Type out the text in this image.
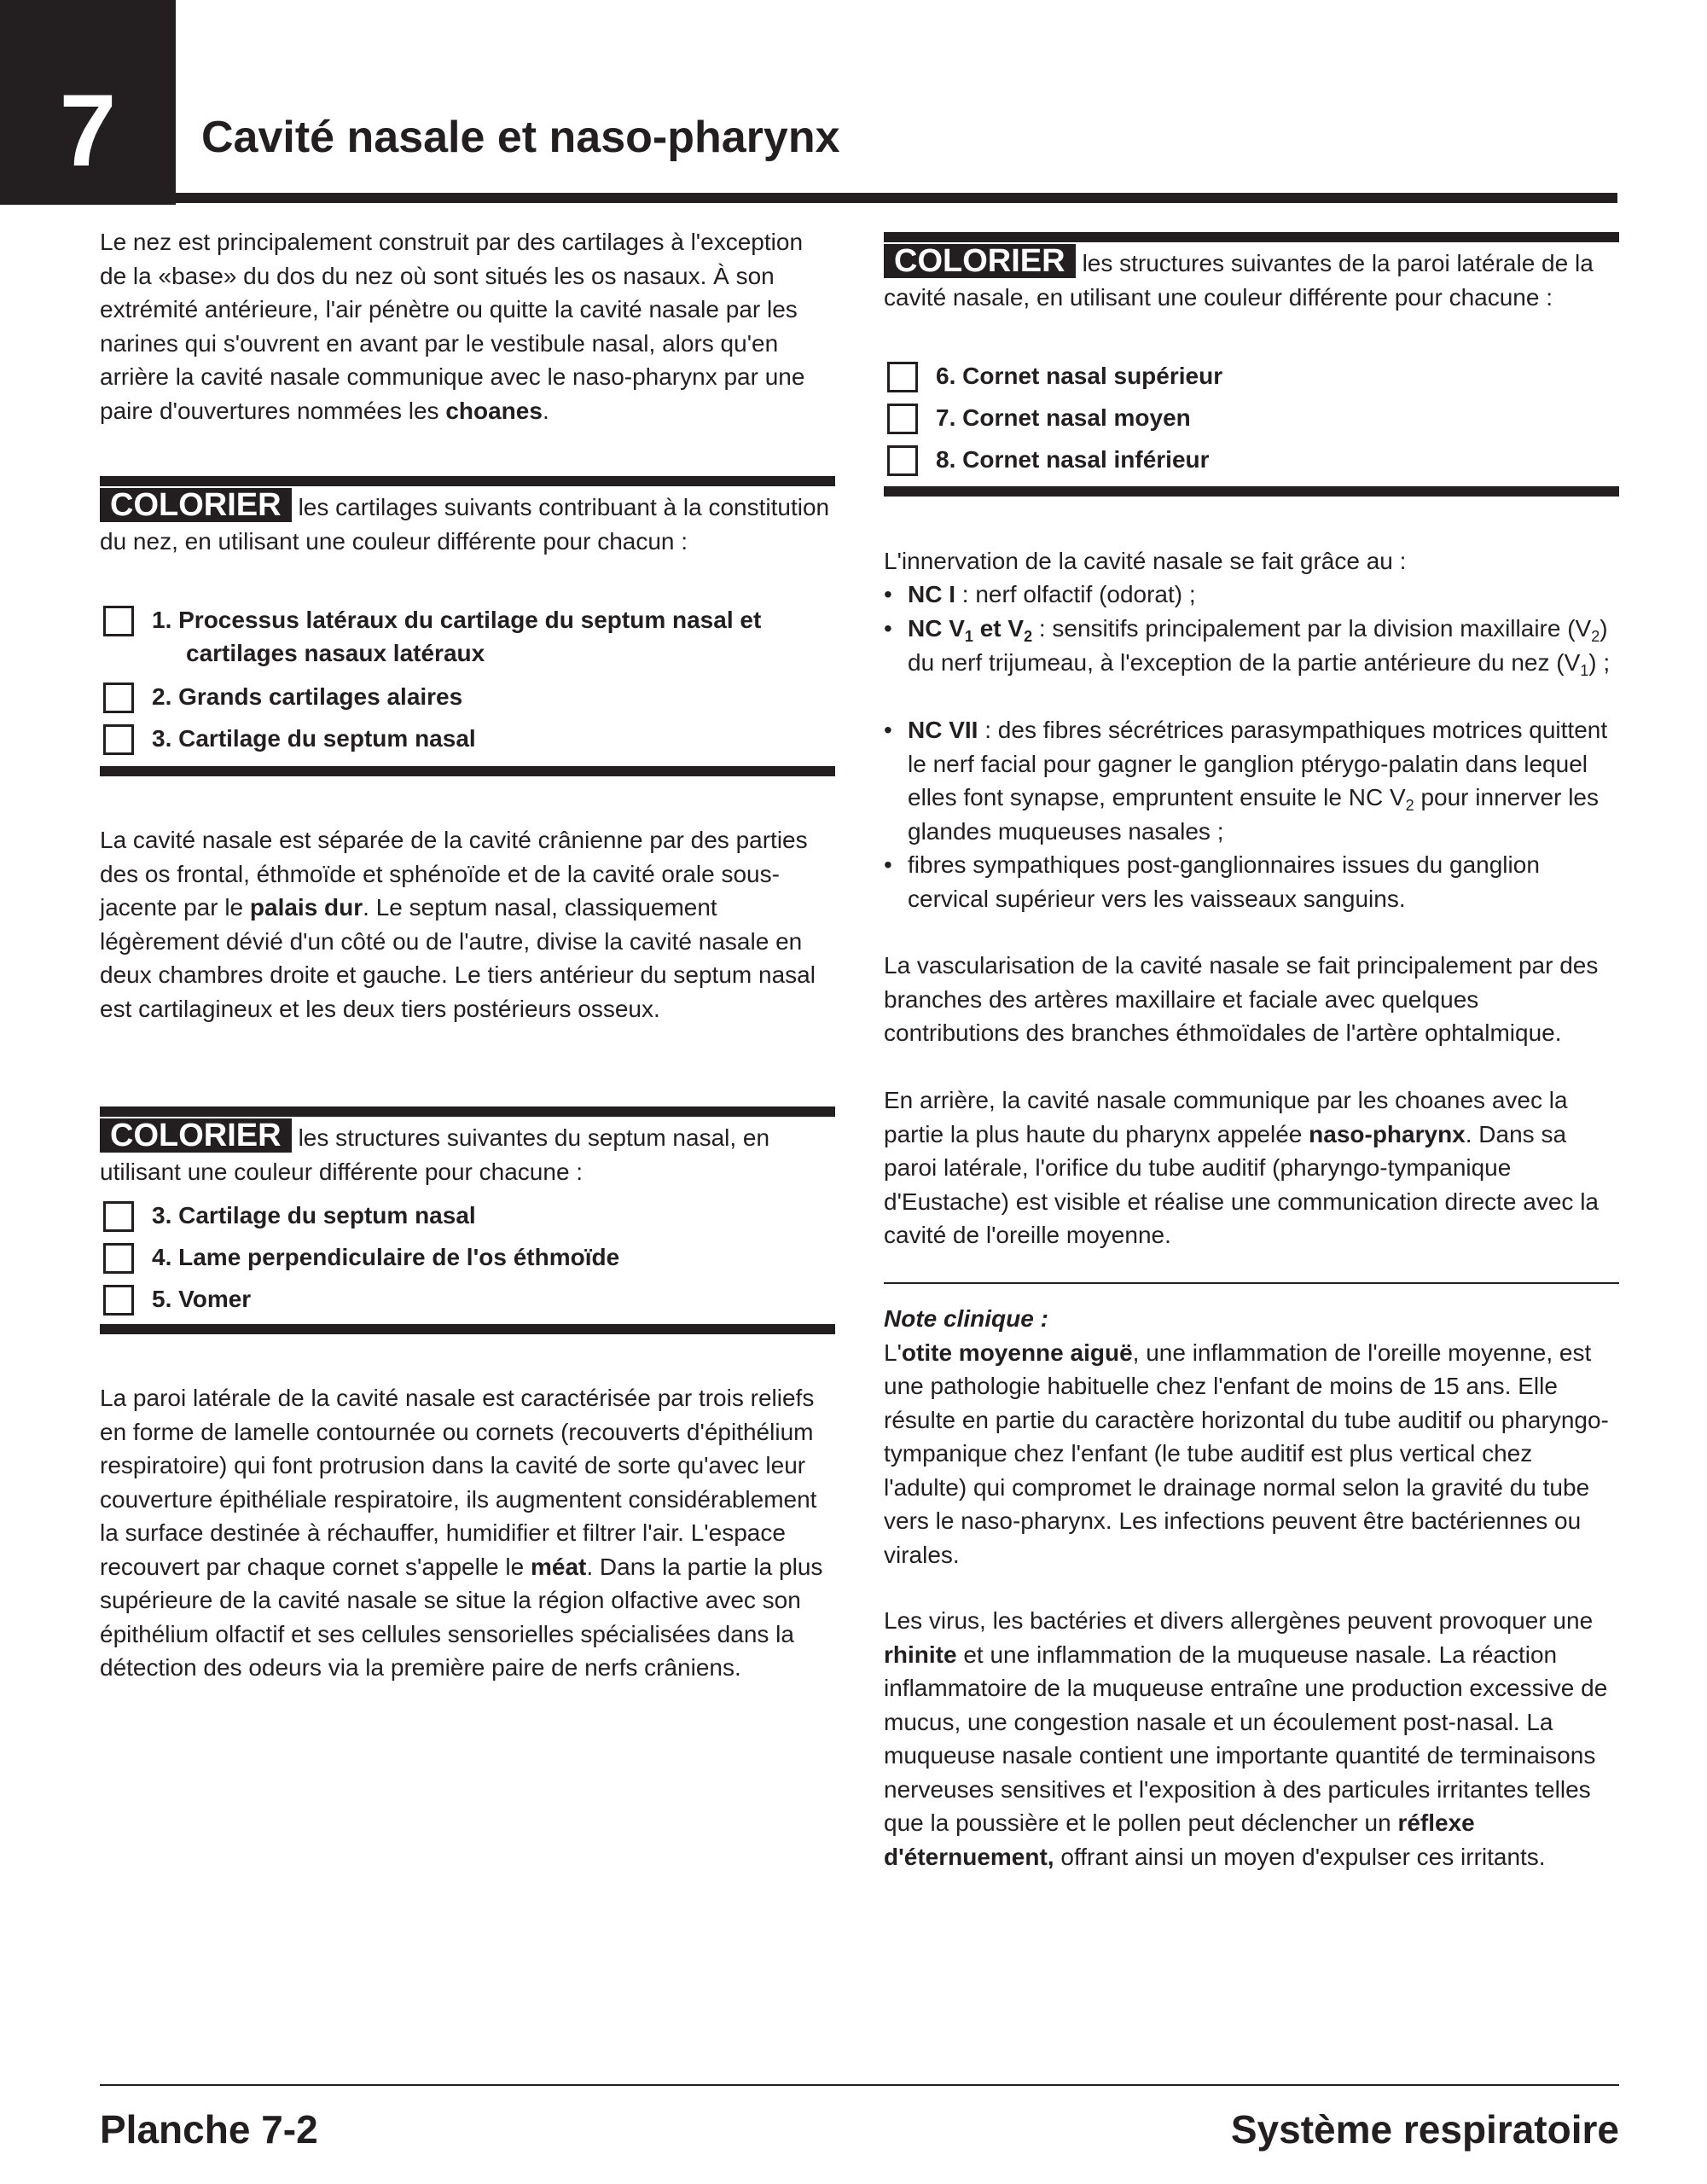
7	Cavité nasale et naso-pharynx
Le nez est principalement construit par des cartilages à l'exception de la «base» du dos du nez où sont situés les os nasaux. À son extrémité antérieure, l'air pénètre ou quitte la cavité nasale par les narines qui s'ouvrent en avant par le vestibule nasal, alors qu'en arrière la cavité nasale communique avec le naso-pharynx par une paire d'ouvertures nommées les choanes.
COLORIER les cartilages suivants contribuant à la constitution du nez, en utilisant une couleur différente pour chacun :
1. Processus latéraux du cartilage du septum nasal et
cartilages nasaux latéraux
2. Grands cartilages alaires
3. Cartilage du septum nasal
La cavité nasale est séparée de la cavité crânienne par des parties des os frontal, éthmoïde et sphénoïde et de la cavité orale sous-jacente par le palais dur. Le septum nasal, classiquement légèrement dévié d'un côté ou de l'autre, divise la cavité nasale en deux chambres droite et gauche. Le tiers antérieur du septum nasal est cartilagineux et les deux tiers postérieurs osseux.
COLORIER les structures suivantes du septum nasal, en utilisant une couleur différente pour chacune :
3. Cartilage du septum nasal
4. Lame perpendiculaire de l'os éthmoïde
5. Vomer
La paroi latérale de la cavité nasale est caractérisée par trois reliefs en forme de lamelle contournée ou cornets (recouverts d'épithélium respiratoire) qui font protrusion dans la cavité de sorte qu'avec leur couverture épithéliale respiratoire, ils augmentent considérablement la surface destinée à réchauffer, humidifier et filtrer l'air. L'espace recouvert par chaque cornet s'appelle le méat. Dans la partie la plus supérieure de la cavité nasale se situe la région olfactive avec son épithélium olfactif et ses cellules sensorielles spécialisées dans la détection des odeurs via la première paire de nerfs crâniens.
COLORIER les structures suivantes de la paroi latérale de la cavité nasale, en utilisant une couleur différente pour chacune :
6. Cornet nasal supérieur
7. Cornet nasal moyen
8. Cornet nasal inférieur
L'innervation de la cavité nasale se fait grâce au :
• NC I : nerf olfactif (odorat) ;
• NC $V_1$ et $V_2$ : sensitifs principalement par la division maxillaire $(V_2)$ du nerf trijumeau, à l'exception de la partie antérieure du nez $(V_1)$ ;
• NC VII : des fibres sécrétrices parasympathiques motrices quittent le nerf facial pour gagner le ganglion ptérygo-palatin dans lequel elles font synapse, empruntent ensuite le NC $V_2$ pour innerver les glandes muqueuses nasales ;
• fibres sympathiques post-ganglionnaires issues du ganglion cervical supérieur vers les vaisseaux sanguins.
La vascularisation de la cavité nasale se fait principalement par des branches des artères maxillaire et faciale avec quelques contributions des branches éthmoïdales de l'artère ophtalmique.
En arrière, la cavité nasale communique par les choanes avec la partie la plus haute du pharynx appelée naso-pharynx. Dans sa paroi latérale, l'orifice du tube auditif (pharyngo-tympanique d'Eustache) est visible et réalise une communication directe avec la cavité de l'oreille moyenne.
Note clinique :
L'otite moyenne aiguë, une inflammation de l'oreille moyenne, est une pathologie habituelle chez l'enfant de moins de 15 ans. Elle résulte en partie du caractère horizontal du tube auditif ou pharyngo-tympanique chez l'enfant (le tube auditif est plus vertical chez l'adulte) qui compromet le drainage normal selon la gravité du tube vers le naso-pharynx. Les infections peuvent être bactériennes ou virales.
Les virus, les bactéries et divers allergènes peuvent provoquer une rhinite et une inflammation de la muqueuse nasale. La réaction inflammatoire de la muqueuse entraîne une production excessive de mucus, une congestion nasale et un écoulement post-nasal. La muqueuse nasale contient une importante quantité de terminaisons nerveuses sensitives et l'exposition à des particules irritantes telles que la poussière et le pollen peut déclencher un réflexe d'éternuement, offrant ainsi un moyen d'expulser ces irritants.
Planche 7-2	Système respiratoire
